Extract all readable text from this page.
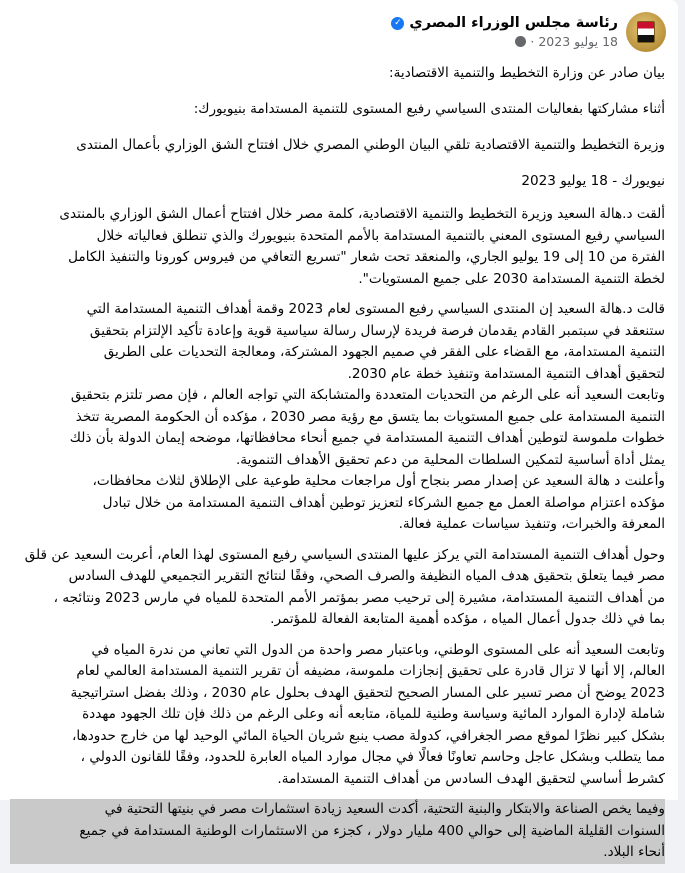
رئاسة مجلس الوزراء المصري
✓
18 يوليو 2023
·
بيان صادر عن وزارة التخطيط والتنمية الاقتصادية:
أثناء مشاركتها بفعاليات المنتدى السياسي رفيع المستوى للتنمية المستدامة بنيويورك:
وزيرة التخطيط والتنمية الاقتصادية تلقي البيان الوطني المصري خلال افتتاح الشق الوزاري بأعمال المنتدى
نيويورك - 18 يوليو 2023
ألقت د.هالة السعيد وزيرة التخطيط والتنمية الاقتصادية، كلمة مصر خلال افتتاح أعمال الشق الوزاري بالمنتدى
السياسي رفيع المستوى المعني بالتنمية المستدامة بالأمم المتحدة بنيويورك والذي تنطلق فعالياته خلال
الفترة من 10 إلى 19 يوليو الجاري، والمنعقد تحت شعار "تسريع التعافي من فيروس كورونا والتنفيذ الكامل
لخطة التنمية المستدامة 2030 على جميع المستويات".
قالت د.هالة السعيد إن المنتدى السياسي رفيع المستوى لعام 2023 وقمة أهداف التنمية المستدامة التي
ستنعقد في سبتمبر القادم يقدمان فرصة فريدة لإرسال رسالة سياسية قوية وإعادة تأكيد الإلتزام بتحقيق
التنمية المستدامة، مع القضاء على الفقر في صميم الجهود المشتركة، ومعالجة التحديات على الطريق
لتحقيق أهداف التنمية المستدامة وتنفيذ خطة عام 2030.
وتابعت السعيد أنه على الرغم من التحديات المتعددة والمتشابكة التي تواجه العالم ، فإن مصر تلتزم بتحقيق
التنمية المستدامة على جميع المستويات بما يتسق مع رؤية مصر 2030 ، مؤكده أن الحكومة المصرية تتخذ
خطوات ملموسة لتوطين أهداف التنمية المستدامة في جميع أنحاء محافظاتها، موضحه إيمان الدولة بأن ذلك
يمثل أداة أساسية لتمكين السلطات المحلية من دعم تحقيق الأهداف التنموية.
وأعلنت د هالة السعيد عن إصدار مصر بنجاح أول مراجعات محلية طوعية على الإطلاق لثلاث محافظات،
مؤكده اعتزام مواصلة العمل مع جميع الشركاء لتعزيز توطين أهداف التنمية المستدامة من خلال تبادل
المعرفة والخبرات، وتنفيذ سياسات عملية فعالة.
وحول أهداف التنمية المستدامة التي يركز عليها المنتدى السياسي رفيع المستوى لهذا العام، أعربت السعيد عن قلق
مصر فيما يتعلق بتحقيق هدف المياه النظيفة والصرف الصحي، وفقًا لنتائج التقرير التجميعي للهدف السادس
من أهداف التنمية المستدامة، مشيرة إلى ترحيب مصر بمؤتمر الأمم المتحدة للمياه في مارس 2023 ونتائجه ،
بما في ذلك جدول أعمال المياه ، مؤكده أهمية المتابعة الفعالة للمؤتمر.
وتابعت السعيد أنه على المستوى الوطني، وباعتبار مصر واحدة من الدول التي تعاني من ندرة المياه في
العالم، إلا أنها لا تزال قادرة على تحقيق إنجازات ملموسة، مضيفه أن تقرير التنمية المستدامة العالمي لعام
2023 يوضح أن مصر تسير على المسار الصحيح لتحقيق الهدف بحلول عام 2030 ، وذلك بفضل استراتيجية
شاملة لإدارة الموارد المائية وسياسة وطنية للمياة، متابعه أنه وعلى الرغم من ذلك فإن تلك الجهود مهددة
بشكل كبير نظرًا لموقع مصر الجغرافي، كدولة مصب ينبع شريان الحياة المائي الوحيد لها من خارج حدودها،
مما يتطلب وبشكل عاجل وحاسم تعاونًا فعالًا في مجال موارد المياه العابرة للحدود، وفقًا للقانون الدولي ،
كشرط أساسي لتحقيق الهدف السادس من أهداف التنمية المستدامة.
وفيما يخص الصناعة والابتكار والبنية التحتية، أكدت السعيد زيادة استثمارات مصر في بنيتها التحتية في
السنوات القليلة الماضية إلى حوالي 400 مليار دولار ، كجزء من الاستثمارات الوطنية المستدامة في جميع
أنحاء البلاد.
